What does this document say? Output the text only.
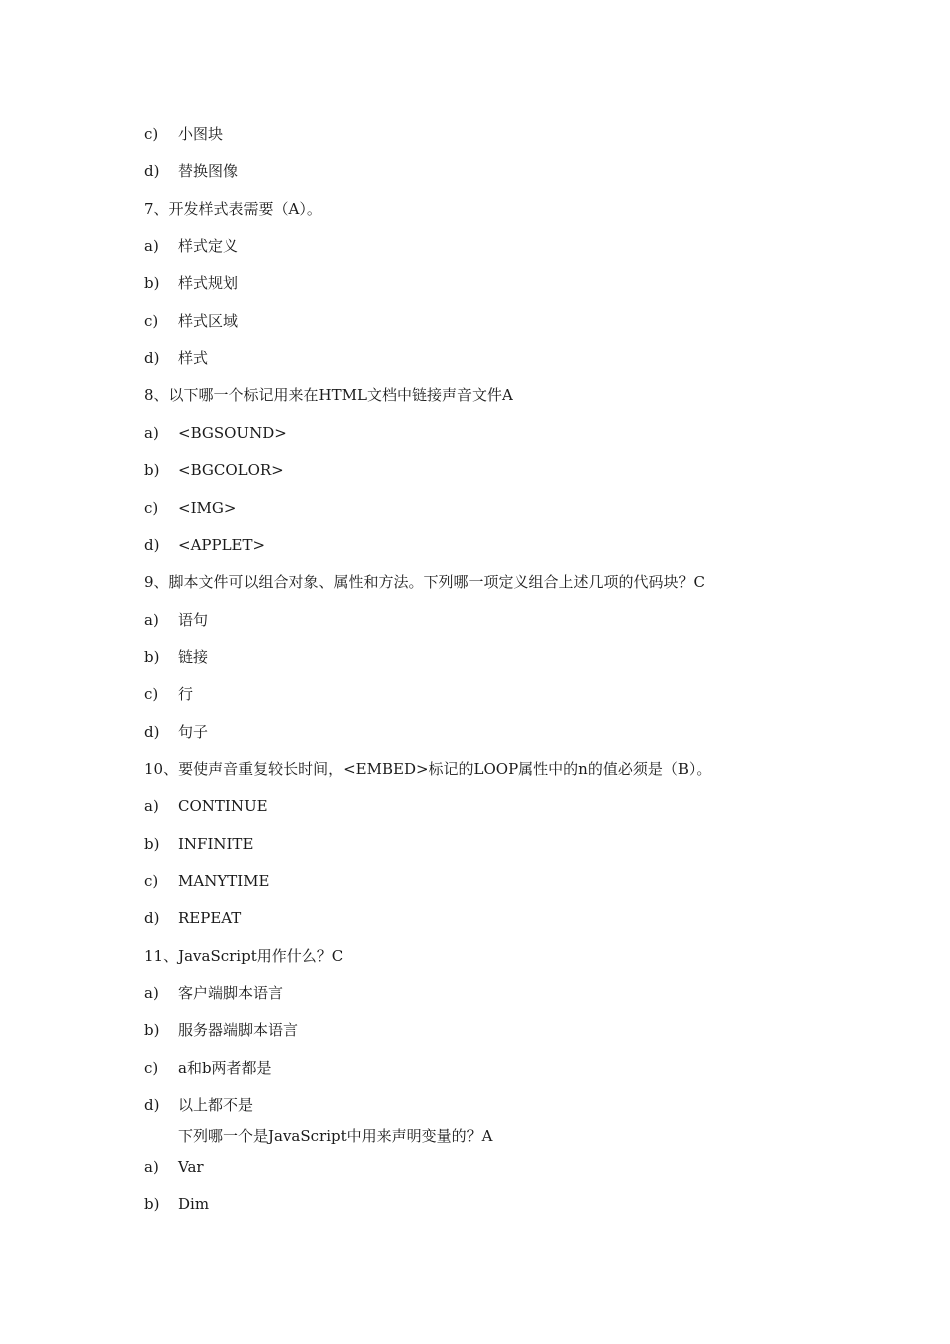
c) 小图块
d) 替换图像
7、开发样式表需要（A）。
a) 样式定义
b) 样式规划
c) 样式区域
d) 样式
8、以下哪一个标记用来在HTML文档中链接声音文件A
a) <BGSOUND>
b) <BGCOLOR>
c) <IMG>
d) <APPLET>
9、脚本文件可以组合对象、属性和方法。下列哪一项定义组合上述几项的代码块？C
a) 语句
b) 链接
c) 行
d) 句子
10、要使声音重复较长时间，<EMBED>标记的LOOP属性中的n的值必须是（B）。
a) CONTINUE
b) INFINITE
c) MANYTIME
d) REPEAT
11、JavaScript用作什么？C
a) 客户端脚本语言
b) 服务器端脚本语言
c) a和b两者都是
d) 以上都不是
下列哪一个是JavaScript中用来声明变量的？A
a) Var
b) Dim
